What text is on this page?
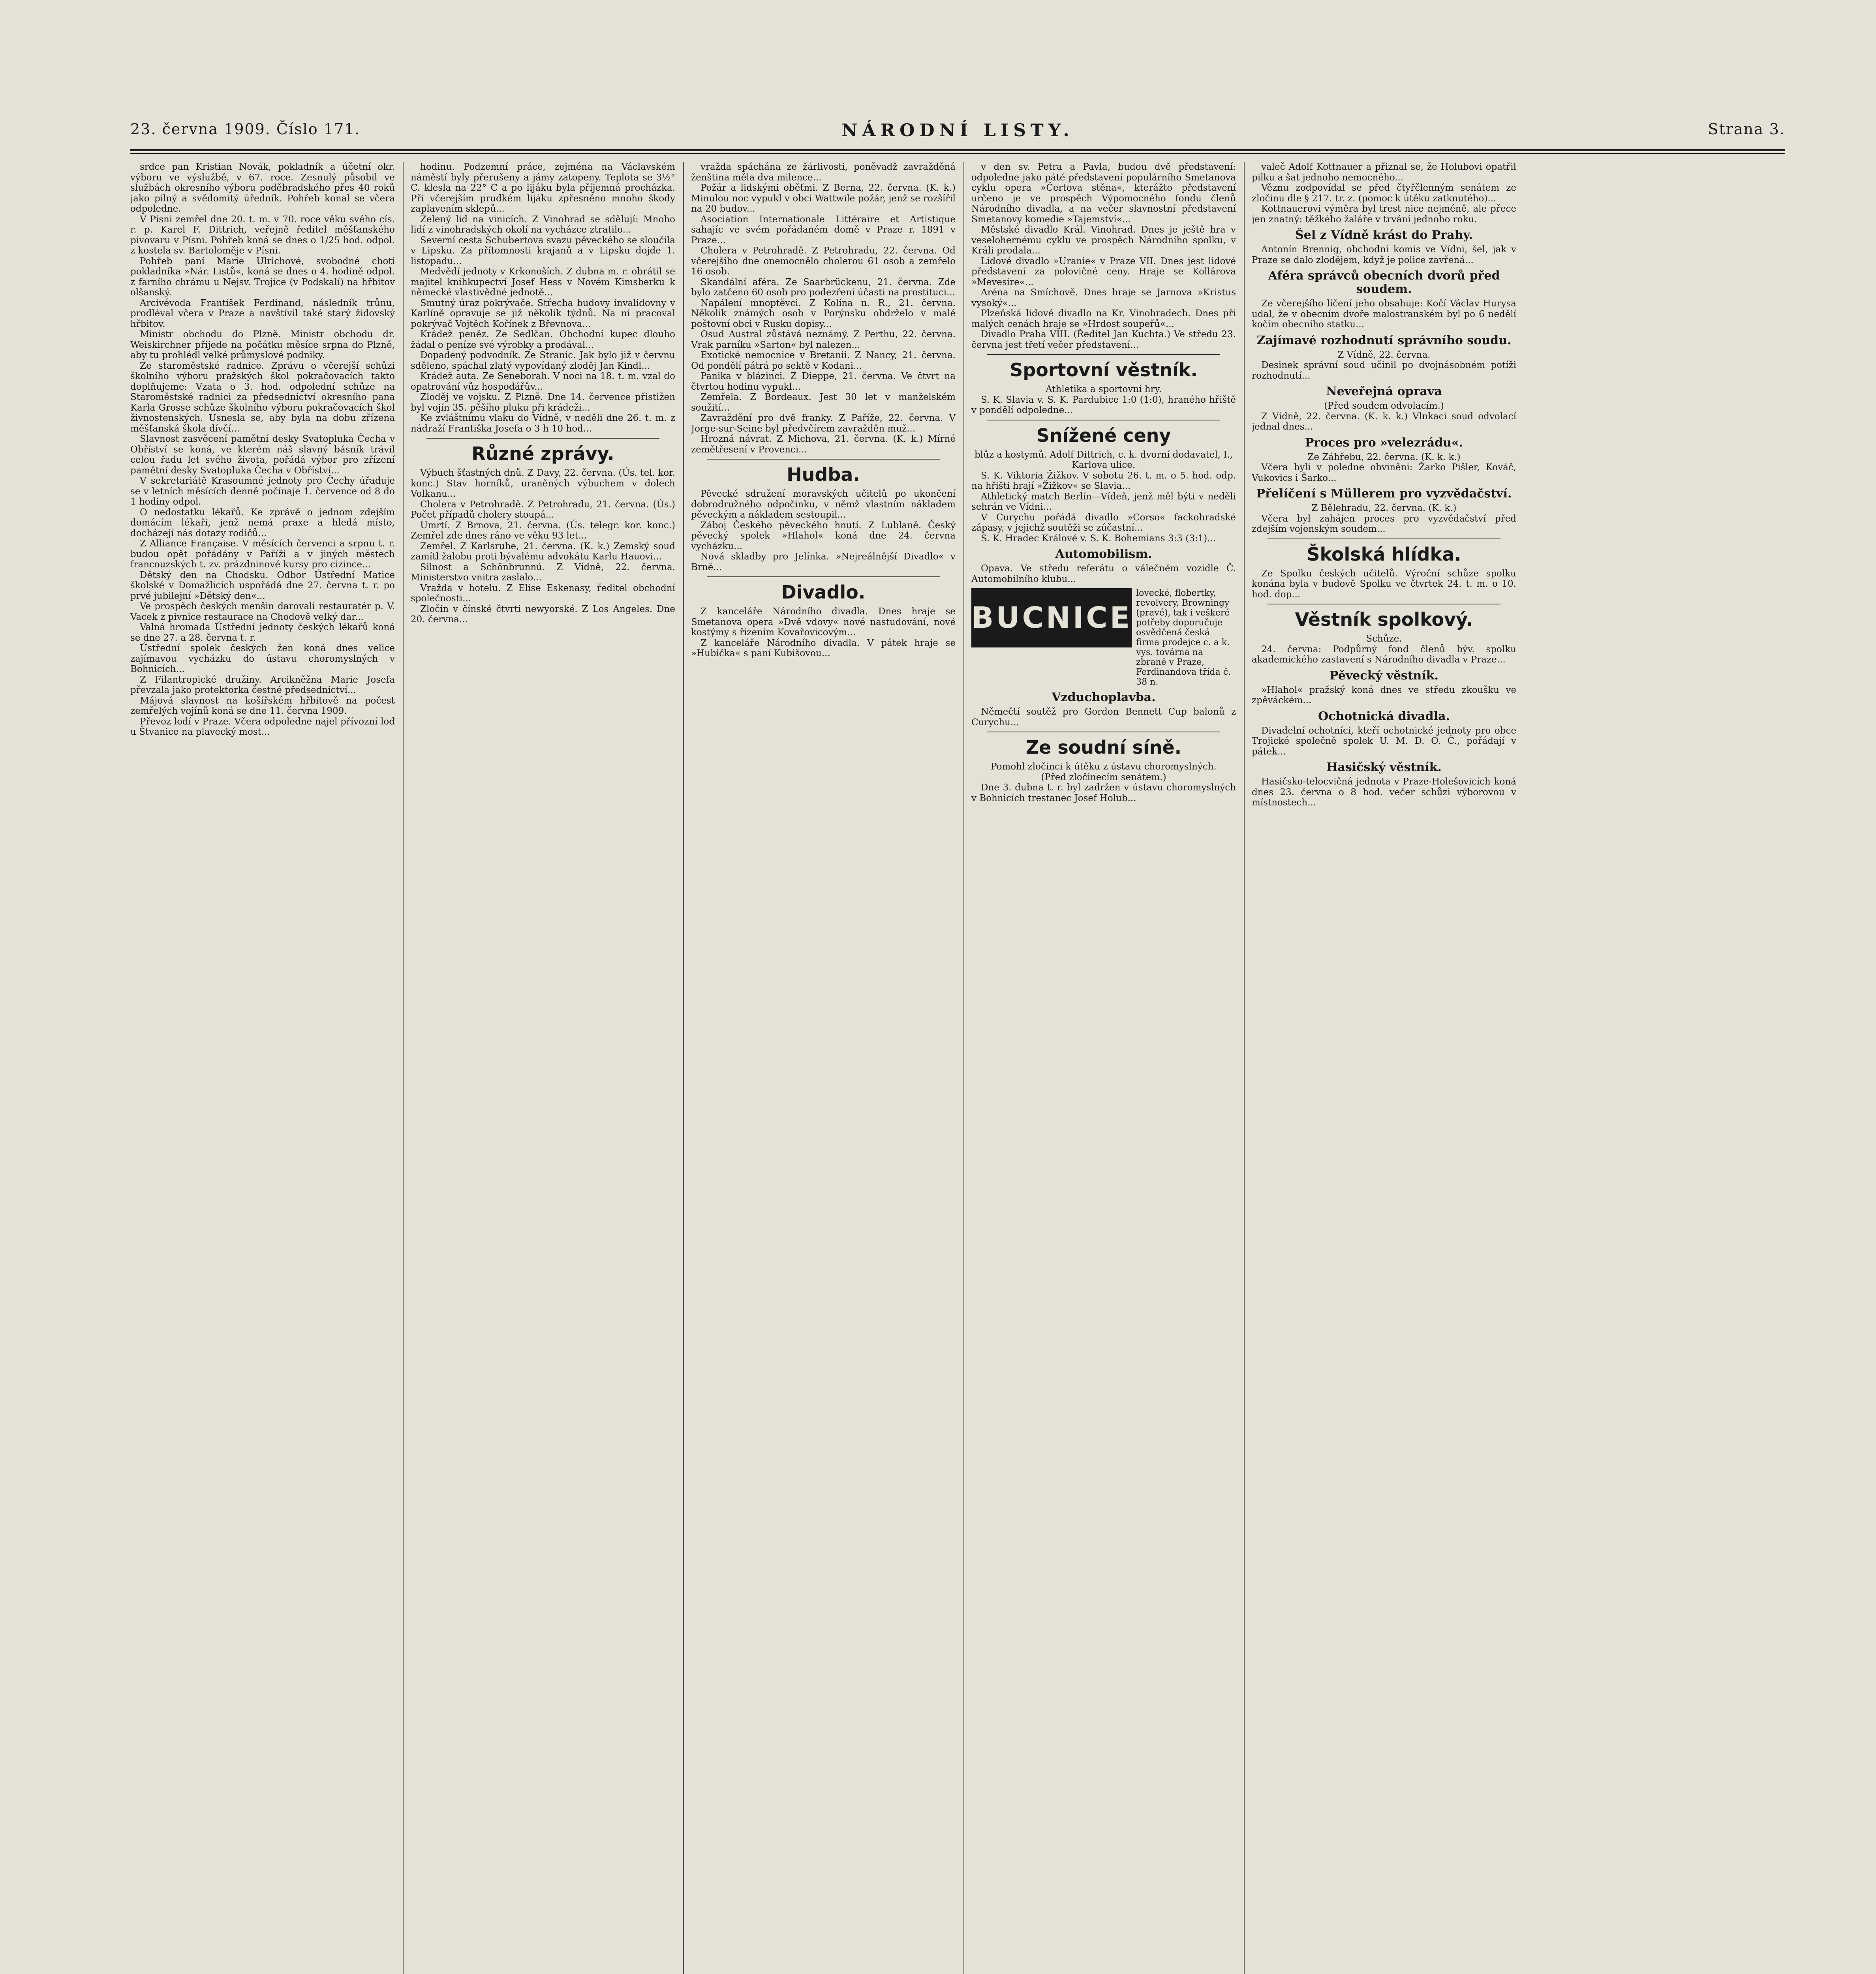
23. června 1909. Číslo 171.	NÁRODNÍ LISTY.	Strana 3.

srdce pan Kristian Novák, pokladník a účetní okr. výboru ve výslužbě, v 67. roce. Zesnulý působil ve službách okresního výboru poděbradského přes 40 roků jako pilný a svědomitý úředník. Pohřeb konal se včera odpoledne.

V Písni zemřel dne 20. t. m. v 70. roce věku svého cís. r. p. Karel F. Dittrich, veřejně ředitel měšťanského pivovaru v Písni. Pohřeb koná se dnes o 1/25 hod. odpol. z kostela sv. Bartoloměje v Písni.

Pohřeb paní Marie Ulrichové, svobodné choti pokladníka »Nár. Listů«, koná se dnes o 4. hodině odpol. z farního chrámu u Nejsv. Trojice (v Podskalí) na hřbitov olšanský.

Arcivévoda František Ferdinand, následník trůnu, prodléval včera v Praze a navštívil také starý židovský hřbitov.

Ministr obchodu do Plzně. Ministr obchodu dr. Weiskirchner přijede na počátku měsíce srpna do Plzně, aby tu prohlédl velké průmyslové podniky.

Ze staroměstské radnice. Zprávu o včerejší schůzi školního výboru pražských škol pokračovacích takto doplňujeme: Vzata o 3. hod. odpolední schůze na Staroměstské radnici za předsednictví okresního pana Karla Grosse schůze školního výboru pokračovacích škol živnostenských. Usnesla se, aby byla na dobu zřízena měšťanská škola dívčí...

Slavnost zasvěcení pamětní desky Svatopluka Čecha v Obříství se koná, ve kterém náš slavný básník trávil celou řadu let svého života, pořádá výbor pro zřízení pamětní desky Svatopluka Čecha v Obříství...

V sekretariátě Krasoumné jednoty pro Čechy úřaduje se v letních měsících denně počínaje 1. července od 8 do 1 hodiny odpol.

O nedostatku lékařů. Ke zprávě o jednom zdejším domácím lékaři, jenž nemá praxe a hledá místo, docházejí nás dotazy rodičů...

Z Alliance Française. V měsících červenci a srpnu t. r. budou opět pořádány v Paříži a v jiných městech francouzských t. zv. prázdninové kursy pro cizince...

Dětský den na Chodsku. Odbor Ústřední Matice školské v Domažlicích uspořádá dne 27. června t. r. po prvé jubilejní »Dětský den«...

Ve prospěch českých menšin darovali restauratér p. V. Vacek z pivnice restaurace na Chodově velký dar...

Valná hromada Ústřední jednoty českých lékařů koná se dne 27. a 28. června t. r.

Ústřední spolek českých žen koná dnes velice zajímavou vycházku do ústavu choromyslných v Bohnicích...

Z Filantropické družiny. Arcikněžna Marie Josefa převzala jako protektorka čestné předsednictví...

Májová slavnost na košířském hřbitově na počest zemřelých vojínů koná se dne 11. června 1909.

Převoz lodí v Praze. Včera odpoledne najel přívozní loď u Štvanice na plavecký most...

hodinu. Podzemní práce, zejména na Václavském náměstí byly přerušeny a jámy zatopeny. Teplota se 3½° C. klesla na 22° C a po lijáku byla příjemná procházka. Při včerejším prudkém lijáku zpřesněno mnoho škody zaplavením sklepů...

Zelený lid na vinicích. Z Vinohrad se sdělují: Mnoho lidí z vinohradských okolí na vycházce ztratilo...

Severní cesta Schubertova svazu pěveckého se sloučila v Lipsku. Za přítomnosti krajanů a v Lipsku dojde 1. listopadu...

Medvědí jednoty v Krkonoších. Z dubna m. r. obrátil se majitel knihkupectví Josef Hess v Novém Kimsberku k německé vlastivědné jednotě...

Smutný úraz pokrývače. Střecha budovy invalidovny v Karlíně opravuje se již několik týdnů. Na ní pracoval pokrývač Vojtěch Kořínek z Břevnova...

Krádež peněz. Ze Sedlčan. Obchodní kupec dlouho žádal o peníze své výrobky a prodával...

Dopadený podvodník. Ze Stranic. Jak bylo již v červnu sděleno, spáchal zlatý vypovídaný zloděj Jan Kindl...

Krádež auta. Ze Seneborah. V noci na 18. t. m. vzal do opatrování vůz hospodářův...

Zloděj ve vojsku. Z Plzně. Dne 14. července přistižen byl vojín 35. pěšího pluku při krádeži...

Ke zvláštnímu vlaku do Vídně, v neděli dne 26. t. m. z nádraží Františka Josefa o 3 h 10 hod...

Různé zprávy.

Výbuch šťastných dnů. Z Davy, 22. června. (Ús. tel. kor. konc.) Stav horníků, uraněných výbuchem v dolech Volkanu...

Cholera v Petrohradě. Z Petrohradu, 21. června. (Ús.) Počet případů cholery stoupá...

Umrtí. Z Brnova, 21. června. (Ús. telegr. kor. konc.) Zemřel zde dnes ráno ve věku 93 let...

Zemřel. Z Karlsruhe, 21. června. (K. k.) Zemský soud zamítl žalobu proti bývalému advokátu Karlu Hauovi...

Silnost a Schönbrunnú. Z Vídně, 22. června. Ministerstvo vnitra zaslalo...

Vražda v hotelu. Z Elise Eskenasy, ředitel obchodní společnosti...

Zločin v čínské čtvrti newyorské. Z Los Angeles. Dne 20. června...

vražda spáchána ze žárlivosti, poněvadž zavražděná ženština měla dva milence...

Požár a lidskými oběťmi. Z Berna, 22. června. (K. k.) Minulou noc vypukl v obci Wattwile požár, jenž se rozšířil na 20 budov...

Asociation Internationale Littéraire et Artistique sahajíc ve svém pořádaném domě v Praze r. 1891 v Praze...

Cholera v Petrohradě. Z Petrohradu, 22. června. Od včerejšího dne onemocnělo cholerou 61 osob a zemřelo 16 osob.

Skandální aféra. Ze Saarbrückenu, 21. června. Zde bylo zatčeno 60 osob pro podezření účasti na prostituci...

Napálení mnoptěvci. Z Kolína n. R., 21. června. Několik známých osob v Porýnsku obdrželo v malé poštovní obci v Rusku dopisy...

Osud Austral zůstává neznámý. Z Perthu, 22. června. Vrak parníku »Sarton« byl nalezen...

Exotické nemocnice v Bretanii. Z Nancy, 21. června. Od pondělí pátrá po sektě v Kodani...

Panika v blázinci. Z Dieppe, 21. června. Ve čtvrt na čtvrtou hodinu vypukl...

Zemřela. Z Bordeaux. Jest 30 let v manželském soužití...

Zavraždění pro dvě franky. Z Paříže, 22. června. V Jorge-sur-Seine byl předvčírem zavražděn muž...

Hrozná návrat. Z Michova, 21. června. (K. k.) Mírné zemětřesení v Provenci...

Hudba.

Pěvecké sdružení moravských učitelů po ukončení dobrodružného odpočinku, v němž vlastním nákladem pěveckým a nákladem sestoupil...

Záboj Českého pěveckého hnutí. Z Lublaně. Český pěvecký spolek »Hlahol« koná dne 24. června vycházku...

Nová skladby pro Jelínka. »Nejreálnější Divadlo« v Brně...

Divadlo.

Z kanceláře Národního divadla. Dnes hraje se Smetanova opera »Dvě vdovy« nové nastudování, nové kostýmy s řízením Kovařovicovým...

Z kanceláře Národního divadla. V pátek hraje se »Hubička« s paní Kubišovou...

v den sv. Petra a Pavla, budou dvě představení: odpoledne jako páté představení populárního Smetanova cyklu opera »Čertova stěna«, kterážto představení určeno je ve prospěch Výpomocného fondu členů Národního divadla, a na večer slavnostní představení Smetanovy komedie »Tajemství«...

Městské divadlo Král. Vinohrad. Dnes je ještě hra v veselohernému cyklu ve prospěch Národního spolku, v Králi prodala...

Lidové divadlo »Uranie« v Praze VII. Dnes jest lidové představení za polovičné ceny. Hraje se Kollárova »Mevesire«...

Aréna na Smíchově. Dnes hraje se Jarnova »Kristus vysoký«...

Plzeňská lidové divadlo na Kr. Vinohradech. Dnes při malých cenách hraje se »Hrdost soupeřů«...

Divadlo Praha VIII. (Ředitel Jan Kuchta.) Ve středu 23. června jest třetí večer představení...

Sportovní věstník.

Athletika a sportovní hry.

S. K. Slavia v. S. K. Pardubice 1:0 (1:0), hraného hřiště v pondělí odpoledne...

Snížené ceny

blůz a kostymů. Adolf Dittrich, c. k. dvorní dodavatel, I., Karlova ulice.

S. K. Viktoria Žižkov. V sobotu 26. t. m. o 5. hod. odp. na hřišti hrají »Žižkov« se Slavia...

Athletický match Berlín—Vídeň, jenž měl býti v neděli sehrán ve Vídni...

V Curychu pořádá divadlo »Corso« fackohradské zápasy, v jejichž soutěži se zúčastní...

S. K. Hradec Králové v. S. K. Bohemians 3:3 (3:1)...

Automobilism.

Opava. Ve středu referátu o válečném vozidle Č. Automobilního klubu...

BUCNICE
lovecké, flobertky, revolvery, Browningy (pravé), tak i veškeré potřeby doporučuje osvědčená česká firma prodejce c. a k. vys. továrna na zbraně v Praze, Ferdinandova třída č. 38 n.
Vzduchoplavba.

Němečtí soutěž pro Gordon Bennett Cup balonů z Curychu...

Ze soudní síně.

Pomohl zločinci k útěku z ústavu choromyslných.

(Před zločinecím senátem.)

Dne 3. dubna t. r. byl zadržen v ústavu choromyslných v Bohnicích trestanec Josef Holub...

valeč Adolf Kottnauer a přiznal se, že Holubovi opatřil pilku a šat jednoho nemocného...

Věznu zodpovídal se před čtyřčlenným senátem ze zločinu dle § 217. tr. z. (pomoc k útěku zatknutého)...

Kottnauerovi výměra byl trest nice nejméně, ale přece jen znatný: těžkého žaláře v trvání jednoho roku.

Šel z Vídně krást do Prahy.

Antonín Brennig, obchodní komis ve Vídni, šel, jak v Praze se dalo zlodějem, když je police zavřená...

Aféra správců obecních dvorů před soudem.

Ze včerejšího líčení jeho obsahuje: Kočí Václav Hurysa udal, že v obecním dvoře malostranském byl po 6 nedělí kočím obecního statku...

Zajímavé rozhodnutí správního soudu.

Z Vídně, 22. června.

Desinek správní soud učinil po dvojnásobném potíži rozhodnutí...

Neveřejná oprava

(Před soudem odvolacím.)

Z Vídně, 22. června. (K. k. k.) Vlnkaci soud odvolací jednal dnes...

Proces pro »velezrádu«.

Ze Záhřebu, 22. června. (K. k. k.)

Včera byli v poledne obviněni: Žarko Pišler, Kováč, Vukovics i Šarko...

Přelíčení s Müllerem pro vyzvědačství.

Z Bělehradu, 22. června. (K. k.)

Včera byl zahájen proces pro vyzvědačství před zdejším vojenským soudem...

Školská hlídka.

Ze Spolku českých učitelů. Výroční schůze spolku konána byla v budově Spolku ve čtvrtek 24. t. m. o 10. hod. dop...

Věstník spolkový.

Schůze.

24. června: Podpůrný fond členů býv. spolku akademického zastavení s Národního divadla v Praze...

Pěvecký věstník.

»Hlahol« pražský koná dnes ve středu zkoušku ve zpěváckém...

Ochotnická divadla.

Divadelní ochotníci, kteří ochotnické jednoty pro obce Trojické společně spolek U. M. D. O. Č., pořádají v pátek...

Hasičský věstník.

Hasičsko-telocvičná jednota v Praze-Holešovicích koná dnes 23. června o 8 hod. večer schůzi výborovou v místnostech...
